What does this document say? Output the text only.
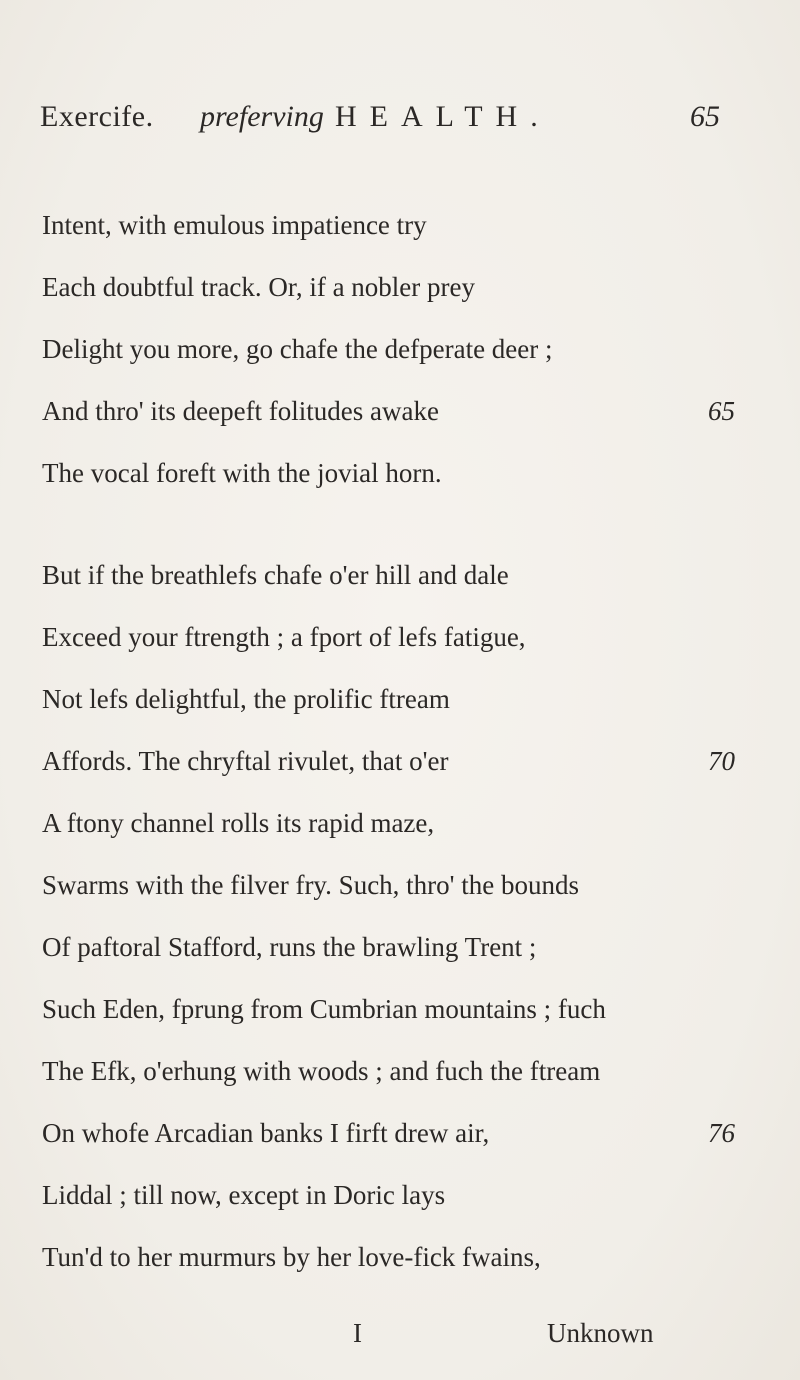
Exercife. preferving HEALTH.	65
Intent, with emulous impatience try
Each doubtful track. Or, if a nobler prey
Delight you more, go chafe the defperate deer ;
And thro' its deepeft folitudes awake	65
The vocal foreft with the jovial horn.
But if the breathlefs chafe o'er hill and dale
Exceed your ftrength ; a fport of lefs fatigue,
Not lefs delightful, the prolific ftream
Affords. The chryftal rivulet, that o'er	70
A ftony channel rolls its rapid maze,
Swarms with the filver fry. Such, thro' the bounds
Of paftoral Stafford, runs the brawling Trent ;
Such Eden, fprung from Cumbrian mountains ; fuch
The Efk, o'erhung with woods ; and fuch the ftream
On whofe Arcadian banks I firft drew air,	76
Liddal ; till now, except in Doric lays
Tun'd to her murmurs by her love-fick fwains,
I	Unknown
